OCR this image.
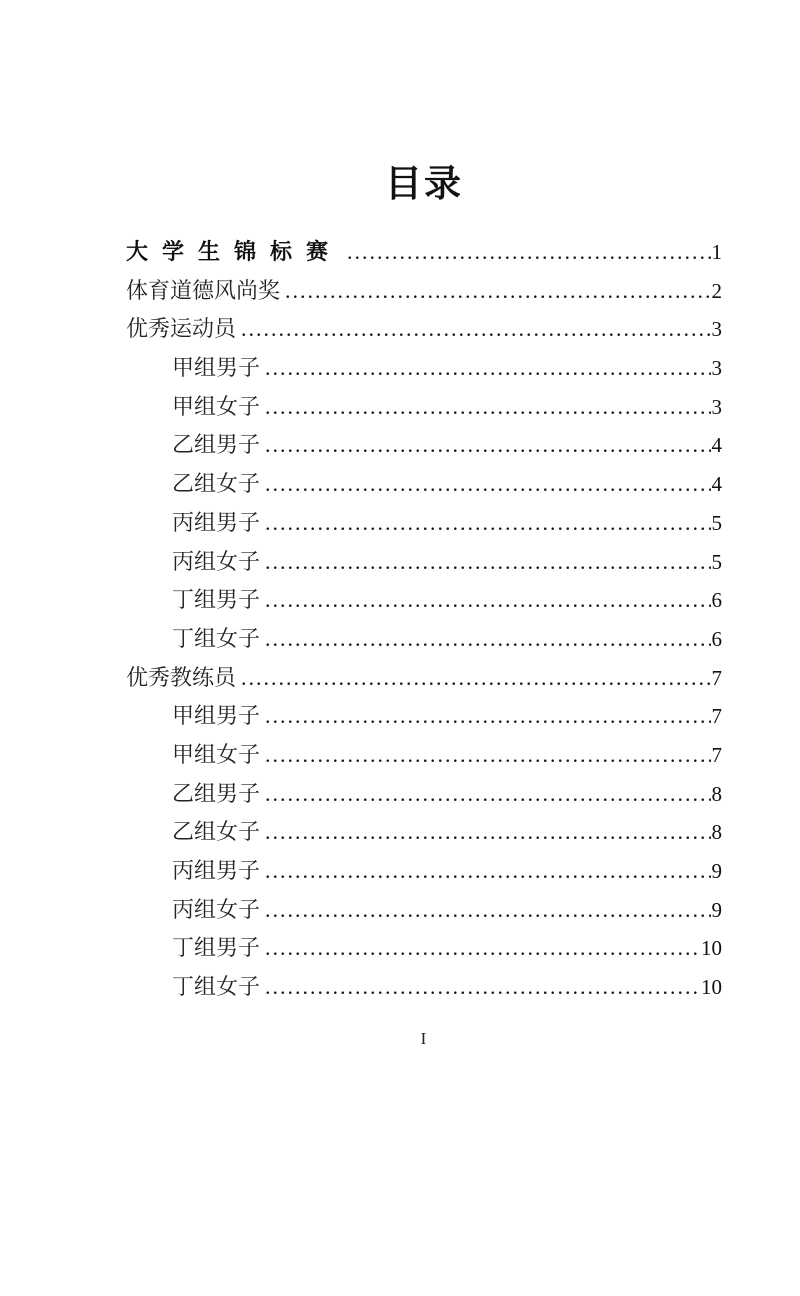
目录
大学生锦标赛 .....	1
体育道德风尚奖 .....	2
优秀运动员 .....	3
甲组男子 .....	3
甲组女子 .....	3
乙组男子 .....	4
乙组女子 .....	4
丙组男子 .....	5
丙组女子 .....	5
丁组男子 .....	6
丁组女子 .....	6
优秀教练员 .....	7
甲组男子 .....	7
甲组女子 .....	7
乙组男子 .....	8
乙组女子 .....	8
丙组男子 .....	9
丙组女子 .....	9
丁组男子 .....	10
丁组女子 .....	10
I
